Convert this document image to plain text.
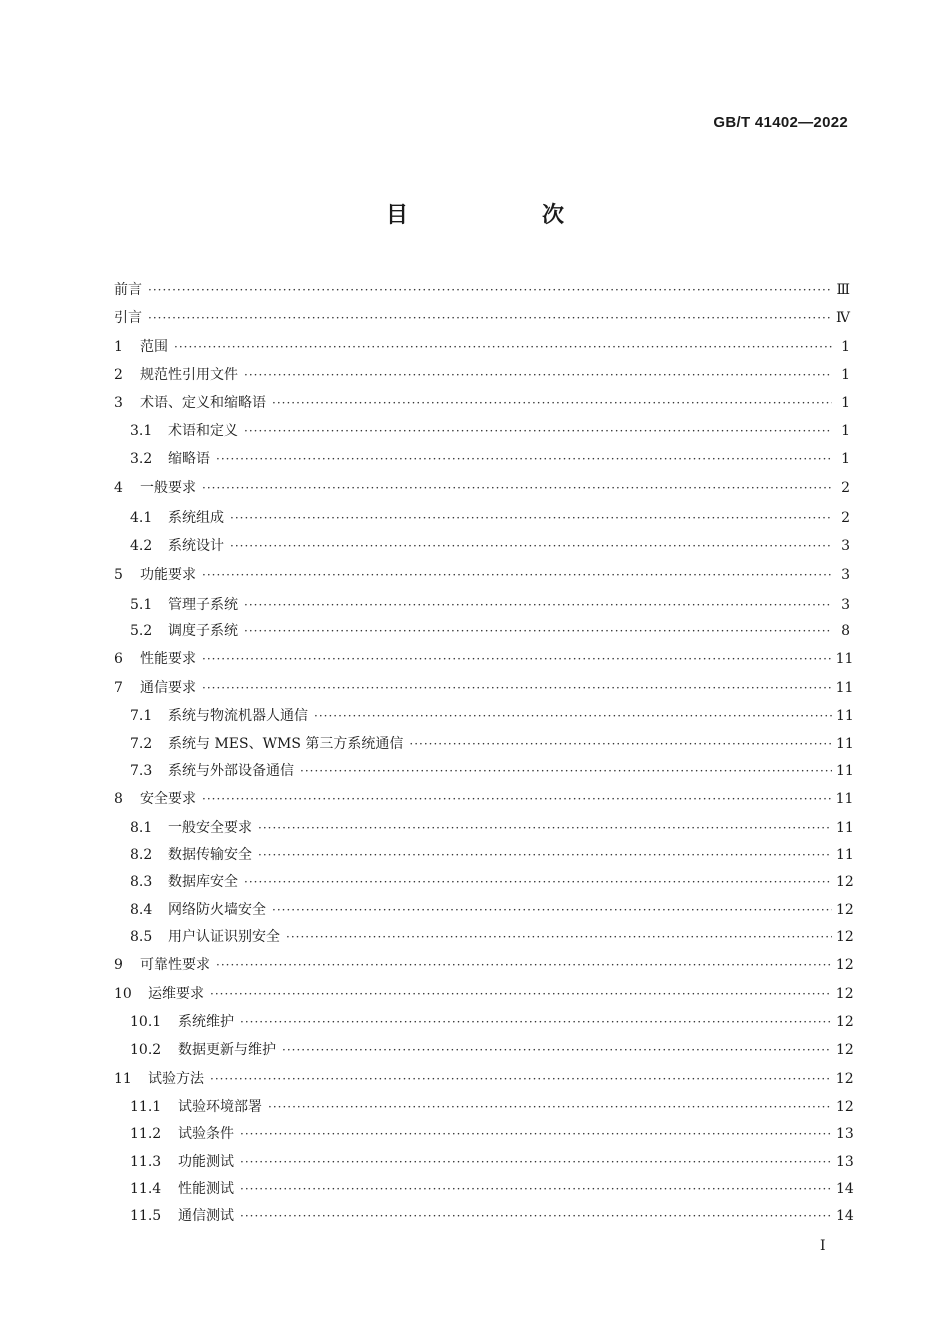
GB/T 41402—2022
目　次
前言 ·····	Ⅲ
引言 ·····	Ⅳ
1	范围 ·····	1
2	规范性引用文件 ·····	1
3	术语、定义和缩略语 ·····	1
3.1	术语和定义 ·····	1
3.2	缩略语 ·····	1
4	一般要求 ·····	2
4.1	系统组成 ·····	2
4.2	系统设计 ·····	3
5	功能要求 ·····	3
5.1	管理子系统 ·····	3
5.2	调度子系统 ·····	8
6	性能要求 ·····	11
7	通信要求 ·····	11
7.1	系统与物流机器人通信 ·····	11
7.2	系统与 MES、WMS 第三方系统通信 ·····	11
7.3	系统与外部设备通信 ·····	11
8	安全要求 ·····	11
8.1	一般安全要求 ·····	11
8.2	数据传输安全 ·····	11
8.3	数据库安全 ·····	12
8.4	网络防火墙安全 ·····	12
8.5	用户认证识别安全 ·····	12
9	可靠性要求 ·····	12
10	运维要求 ·····	12
10.1	系统维护 ·····	12
10.2	数据更新与维护 ·····	12
11	试验方法 ·····	12
11.1	试验环境部署 ·····	12
11.2	试验条件 ·····	13
11.3	功能测试 ·····	13
11.4	性能测试 ·····	14
11.5	通信测试 ·····	14
Ⅰ
